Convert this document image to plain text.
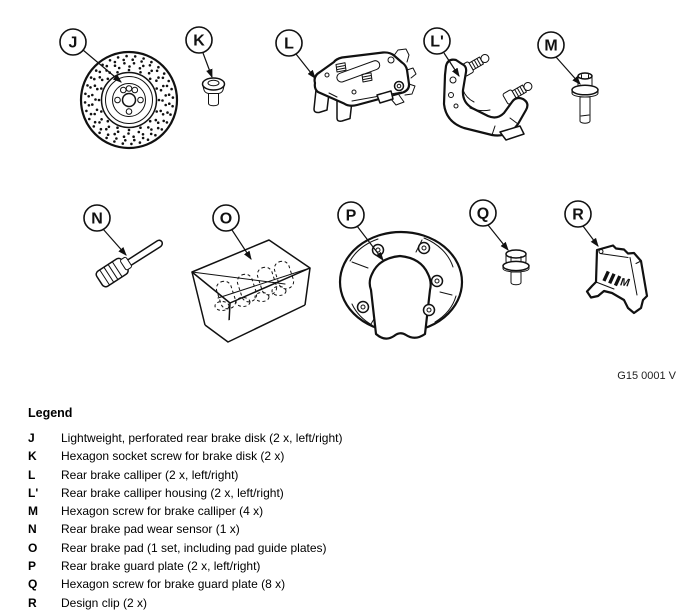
M
J	K	L	L'	M
N	O	P	Q	R
G15 0001 V
Legend
J	Lightweight, perforated rear brake disk (2 x, left/right)
K	Hexagon socket screw for brake disk (2 x)
L	Rear brake calliper (2 x, left/right)
L'	Rear brake calliper housing (2 x, left/right)
M	Hexagon screw for brake calliper (4 x)
N	Rear brake pad wear sensor (1 x)
O	Rear brake pad (1 set, including pad guide plates)
P	Rear brake guard plate (2 x, left/right)
Q	Hexagon screw for brake guard plate (8 x)
R	Design clip (2 x)
